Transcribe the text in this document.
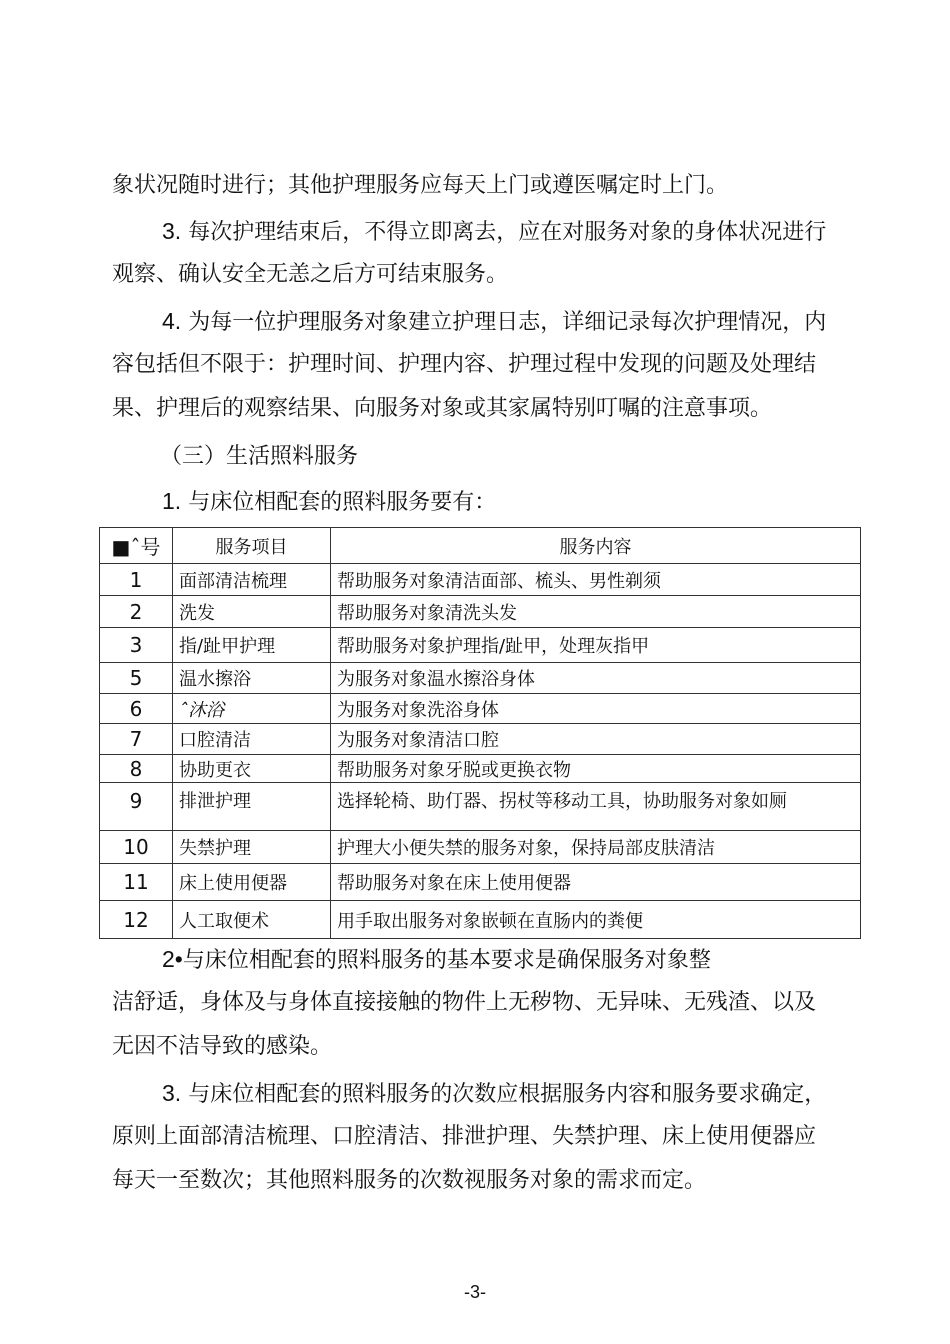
象状况随时进行；其他护理服务应每天上门或遵医嘱定时上门。
3. 每次护理结束后，不得立即离去，应在对服务对象的身体状况进行
观察、确认安全无恙之后方可结束服务。
4. 为每一位护理服务对象建立护理日志，详细记录每次护理情况，内
容包括但不限于：护理时间、护理内容、护理过程中发现的问题及处理结
果、护理后的观察结果、向服务对象或其家属特别叮嘱的注意事项。
（三）生活照料服务
1. 与床位相配套的照料服务要有：
■ˆ号	服务项目	服务内容
1	面部清洁梳理	帮助服务对象清洁面部、梳头、男性剃须
2	洗发	帮助服务对象清洗头发
3	指/趾甲护理	帮助服务对象护理指/趾甲，处理灰指甲
5	温水擦浴	为服务对象温水擦浴身体
6	ˆ沐浴	为服务对象洗浴身体
7	口腔清洁	为服务对象清洁口腔
8	协助更衣	帮助服务对象牙脱或更换衣物
9	排泄护理	选择轮椅、助仃器、拐杖等移动工具，协助服务对象如厕
10	失禁护理	护理大小便失禁的服务对象，保持局部皮肤清洁
11	床上使用便器	帮助服务对象在床上使用便器
12	人工取便术	用手取出服务对象嵌顿在直肠内的粪便
2•与床位相配套的照料服务的基本要求是确保服务对象整
洁舒适，身体及与身体直接接触的物件上无秽物、无异味、无残渣、以及
无因不洁导致的感染。
3. 与床位相配套的照料服务的次数应根据服务内容和服务要求确定，
原则上面部清洁梳理、口腔清洁、排泄护理、失禁护理、床上使用便器应
每天一至数次；其他照料服务的次数视服务对象的需求而定。
-3-
